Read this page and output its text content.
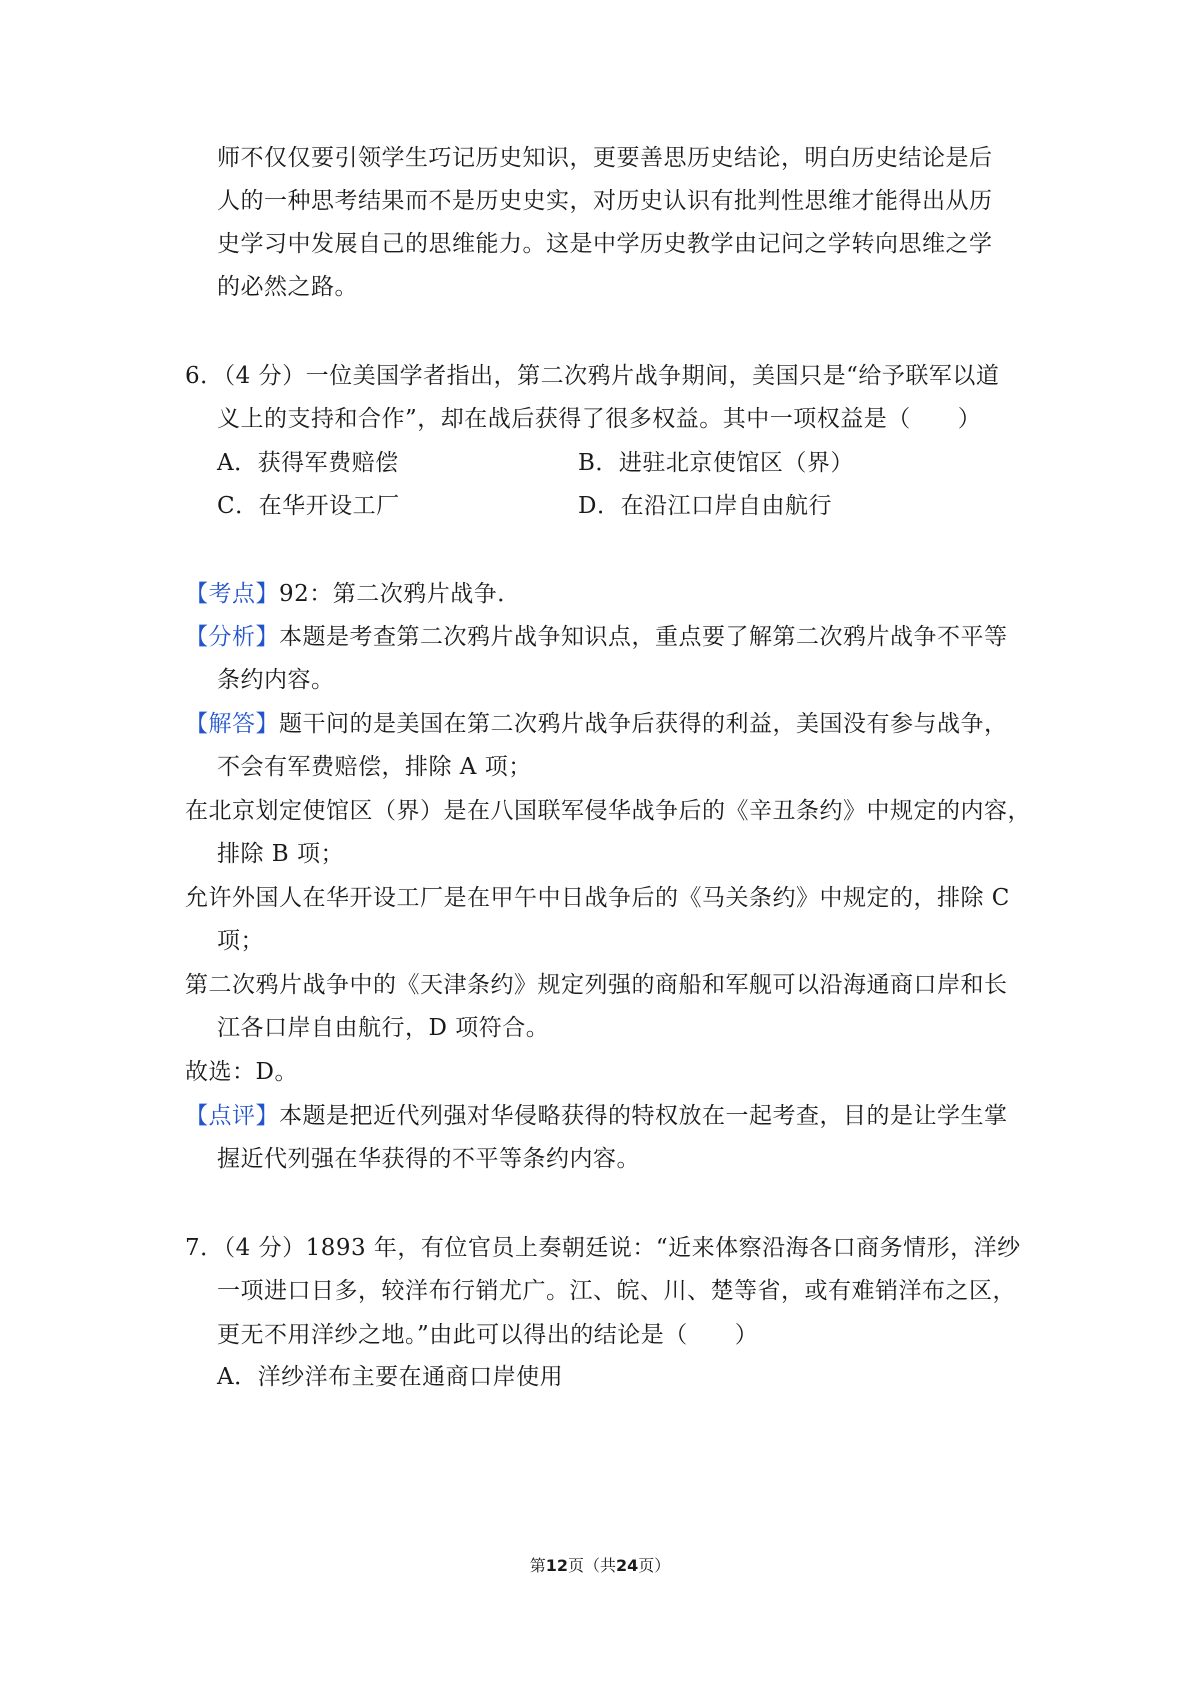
师不仅仅要引领学生巧记历史知识，更要善思历史结论，明白历史结论是后
人的一种思考结果而不是历史史实，对历史认识有批判性思维才能得出从历
史学习中发展自己的思维能力。这是中学历史教学由记问之学转向思维之学
的必然之路。
6．（4 分）一位美国学者指出，第二次鸦片战争期间，美国只是“给予联军以道
义上的支持和合作”，却在战后获得了很多权益。其中一项权益是（　　）
A．获得军费赔偿	B．进驻北京使馆区（界）
C．在华开设工厂	D．在沿江口岸自由航行
【考点】92：第二次鸦片战争．
【分析】本题是考查第二次鸦片战争知识点，重点要了解第二次鸦片战争不平等
条约内容。
【解答】题干问的是美国在第二次鸦片战争后获得的利益，美国没有参与战争，
不会有军费赔偿，排除 A 项；
在北京划定使馆区（界）是在八国联军侵华战争后的《辛丑条约》中规定的内容，
排除 B 项；
允许外国人在华开设工厂是在甲午中日战争后的《马关条约》中规定的，排除 C
项；
第二次鸦片战争中的《天津条约》规定列强的商船和军舰可以沿海通商口岸和长
江各口岸自由航行，D 项符合。
故选：D。
【点评】本题是把近代列强对华侵略获得的特权放在一起考查，目的是让学生掌
握近代列强在华获得的不平等条约内容。
7．（4 分）1893 年，有位官员上奏朝廷说：“近来体察沿海各口商务情形，洋纱
一项进口日多，较洋布行销尤广。江、皖、川、楚等省，或有难销洋布之区，
更无不用洋纱之地。”由此可以得出的结论是（　　）
A．洋纱洋布主要在通商口岸使用
第12页（共24页）
